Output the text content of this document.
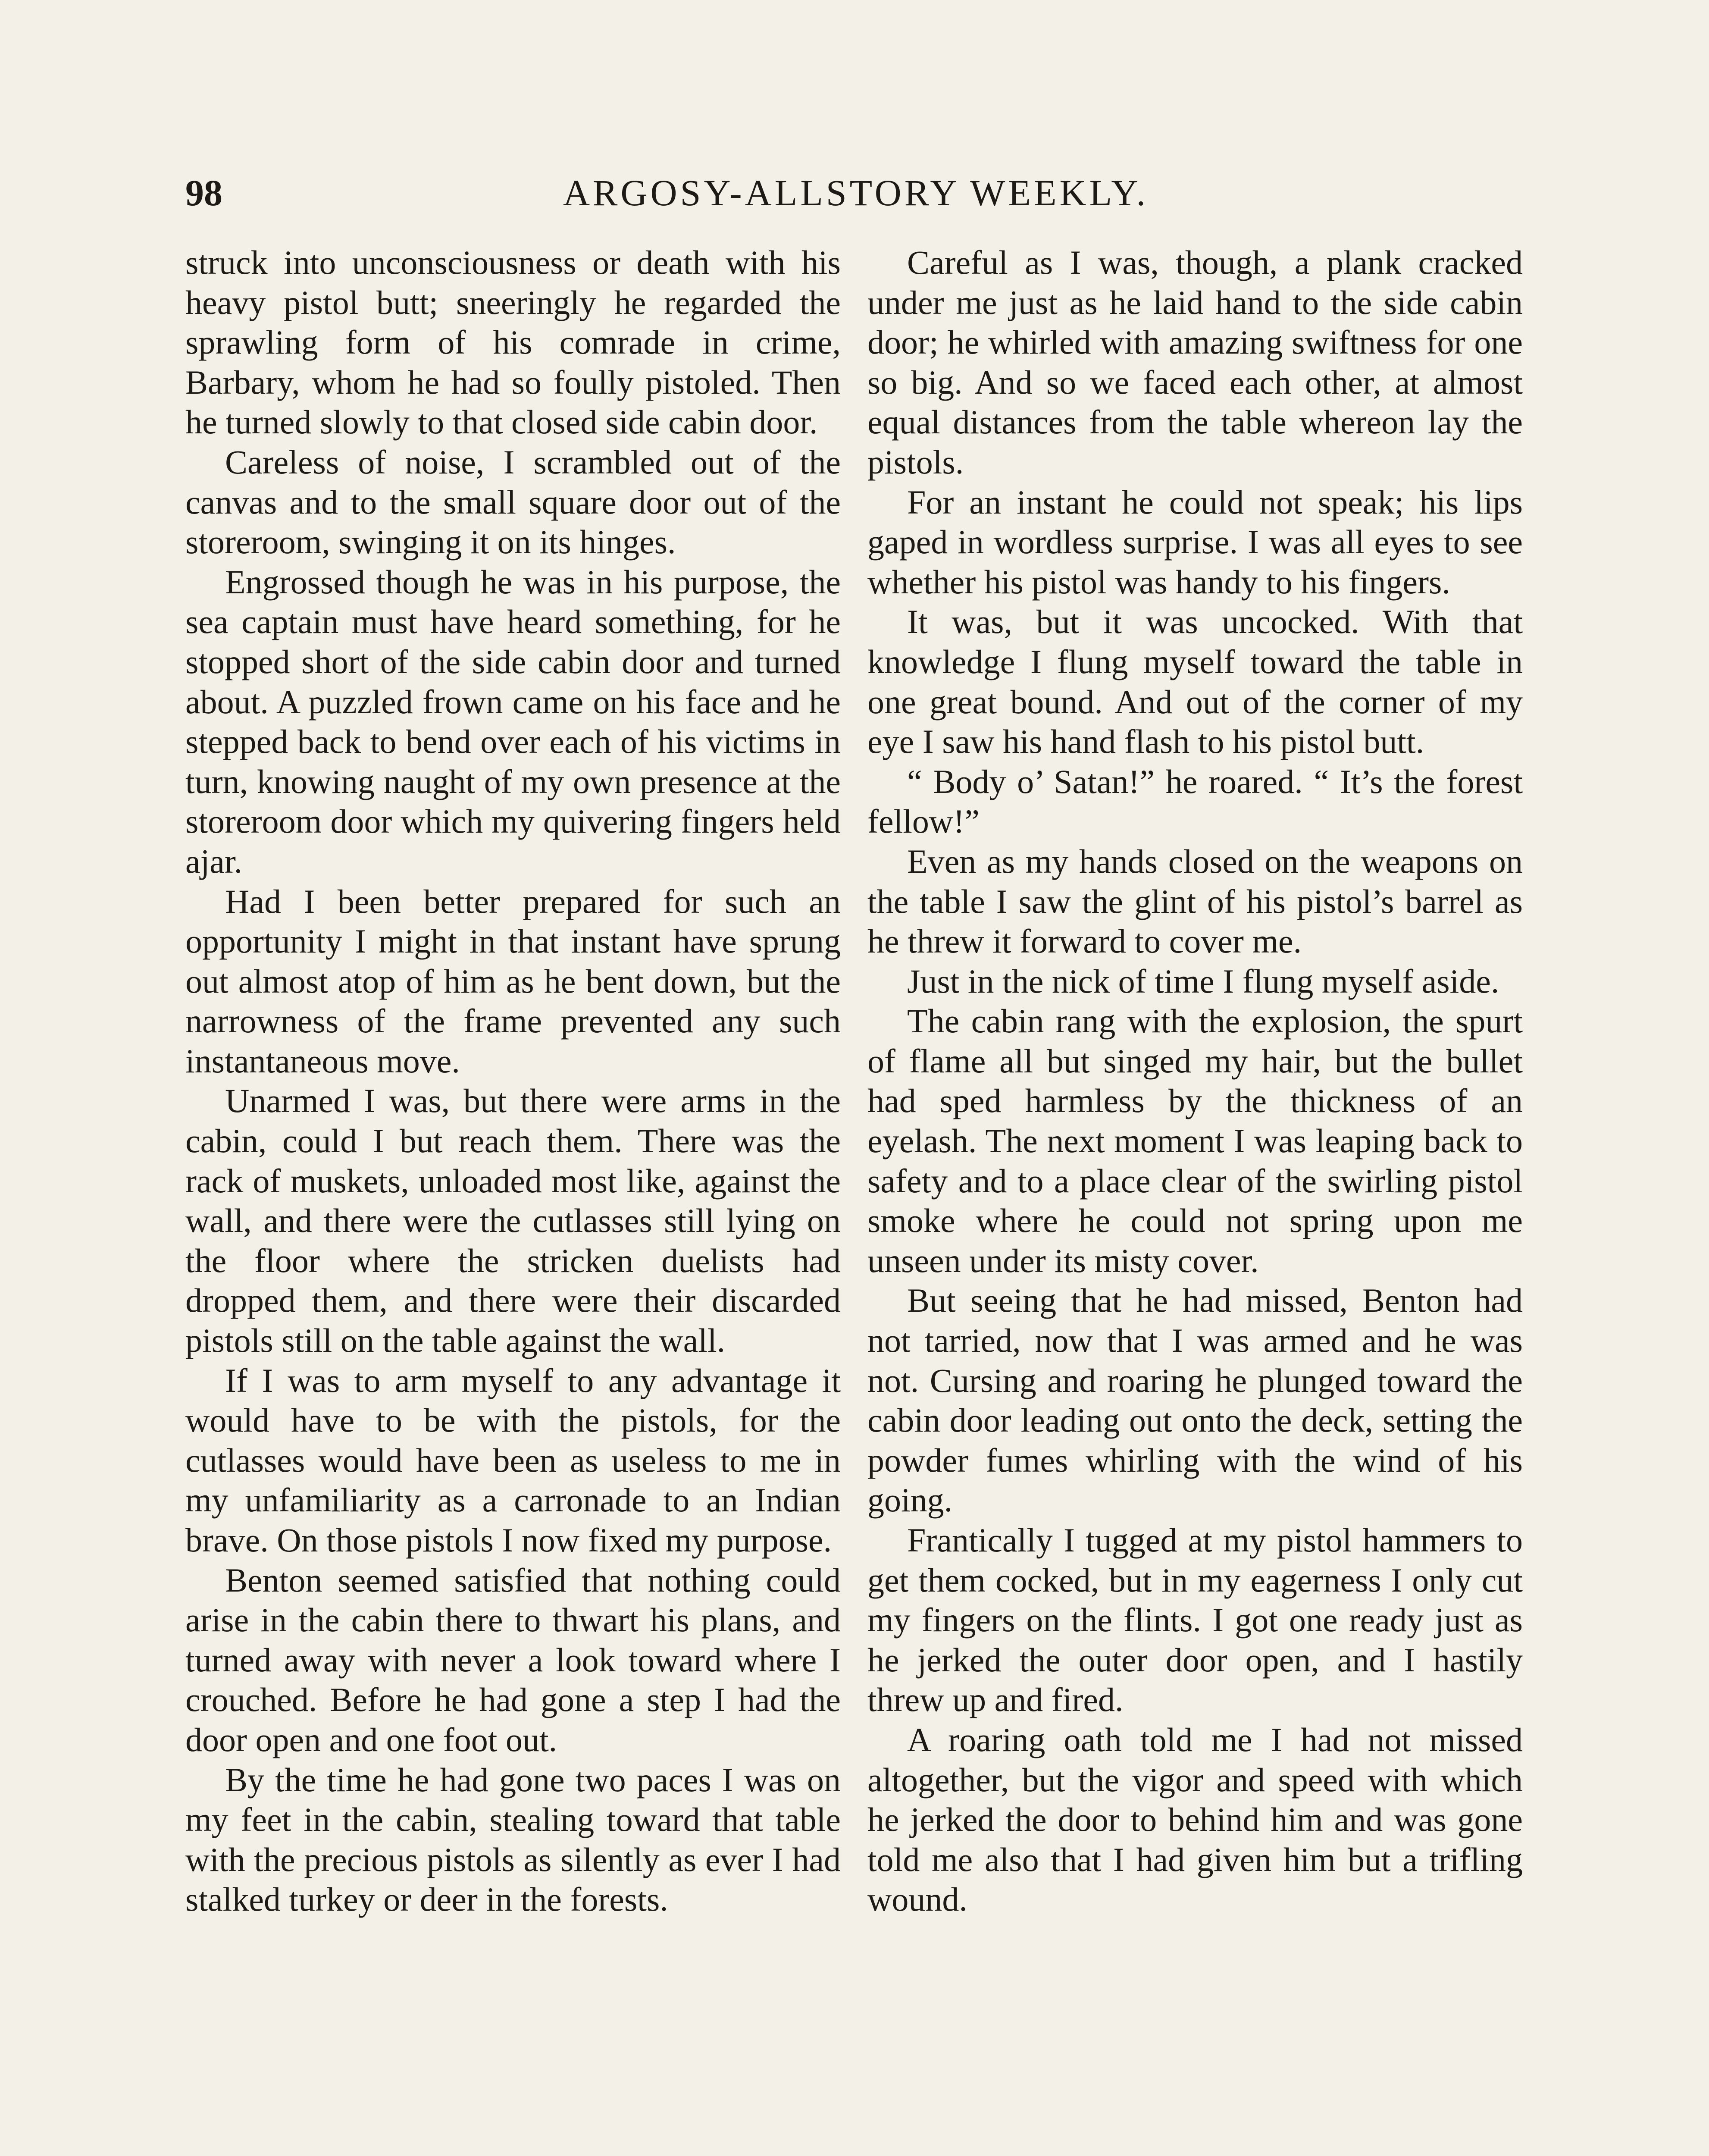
98	ARGOSY-ALLSTORY WEEKLY.

struck into unconsciousness or death with his heavy pistol butt; sneeringly he regarded the sprawling form of his comrade in crime, Barbary, whom he had so foully pistoled. Then he turned slowly to that closed side cabin door.

Careless of noise, I scrambled out of the canvas and to the small square door out of the storeroom, swinging it on its hinges.

Engrossed though he was in his purpose, the sea captain must have heard something, for he stopped short of the side cabin door and turned about. A puzzled frown came on his face and he stepped back to bend over each of his victims in turn, knowing naught of my own presence at the storeroom door which my quivering fingers held ajar.

Had I been better prepared for such an opportunity I might in that instant have sprung out almost atop of him as he bent down, but the narrowness of the frame prevented any such instantaneous move.

Unarmed I was, but there were arms in the cabin, could I but reach them. There was the rack of muskets, unloaded most like, against the wall, and there were the cutlasses still lying on the floor where the stricken duelists had dropped them, and there were their discarded pistols still on the table against the wall.

If I was to arm myself to any advantage it would have to be with the pistols, for the cutlasses would have been as useless to me in my unfamiliarity as a carronade to an Indian brave. On those pistols I now fixed my purpose.

Benton seemed satisfied that nothing could arise in the cabin there to thwart his plans, and turned away with never a look toward where I crouched. Before he had gone a step I had the door open and one foot out.

By the time he had gone two paces I was on my feet in the cabin, stealing toward that table with the precious pistols as silently as ever I had stalked turkey or deer in the forests.

Careful as I was, though, a plank cracked under me just as he laid hand to the side cabin door; he whirled with amazing swiftness for one so big. And so we faced each other, at almost equal distances from the table whereon lay the pistols.

For an instant he could not speak; his lips gaped in wordless surprise. I was all eyes to see whether his pistol was handy to his fingers.

It was, but it was uncocked. With that knowledge I flung myself toward the table in one great bound. And out of the corner of my eye I saw his hand flash to his pistol butt.

“ Body o’ Satan!” he roared. “ It’s the forest fellow!”

Even as my hands closed on the weapons on the table I saw the glint of his pistol’s barrel as he threw it forward to cover me.

Just in the nick of time I flung myself aside.

The cabin rang with the explosion, the spurt of flame all but singed my hair, but the bullet had sped harmless by the thickness of an eyelash. The next moment I was leaping back to safety and to a place clear of the swirling pistol smoke where he could not spring upon me unseen under its misty cover.

But seeing that he had missed, Benton had not tarried, now that I was armed and he was not. Cursing and roaring he plunged toward the cabin door leading out onto the deck, setting the powder fumes whirling with the wind of his going.

Frantically I tugged at my pistol hammers to get them cocked, but in my eagerness I only cut my fingers on the flints. I got one ready just as he jerked the outer door open, and I hastily threw up and fired.

A roaring oath told me I had not missed altogether, but the vigor and speed with which he jerked the door to behind him and was gone told me also that I had given him but a trifling wound.
